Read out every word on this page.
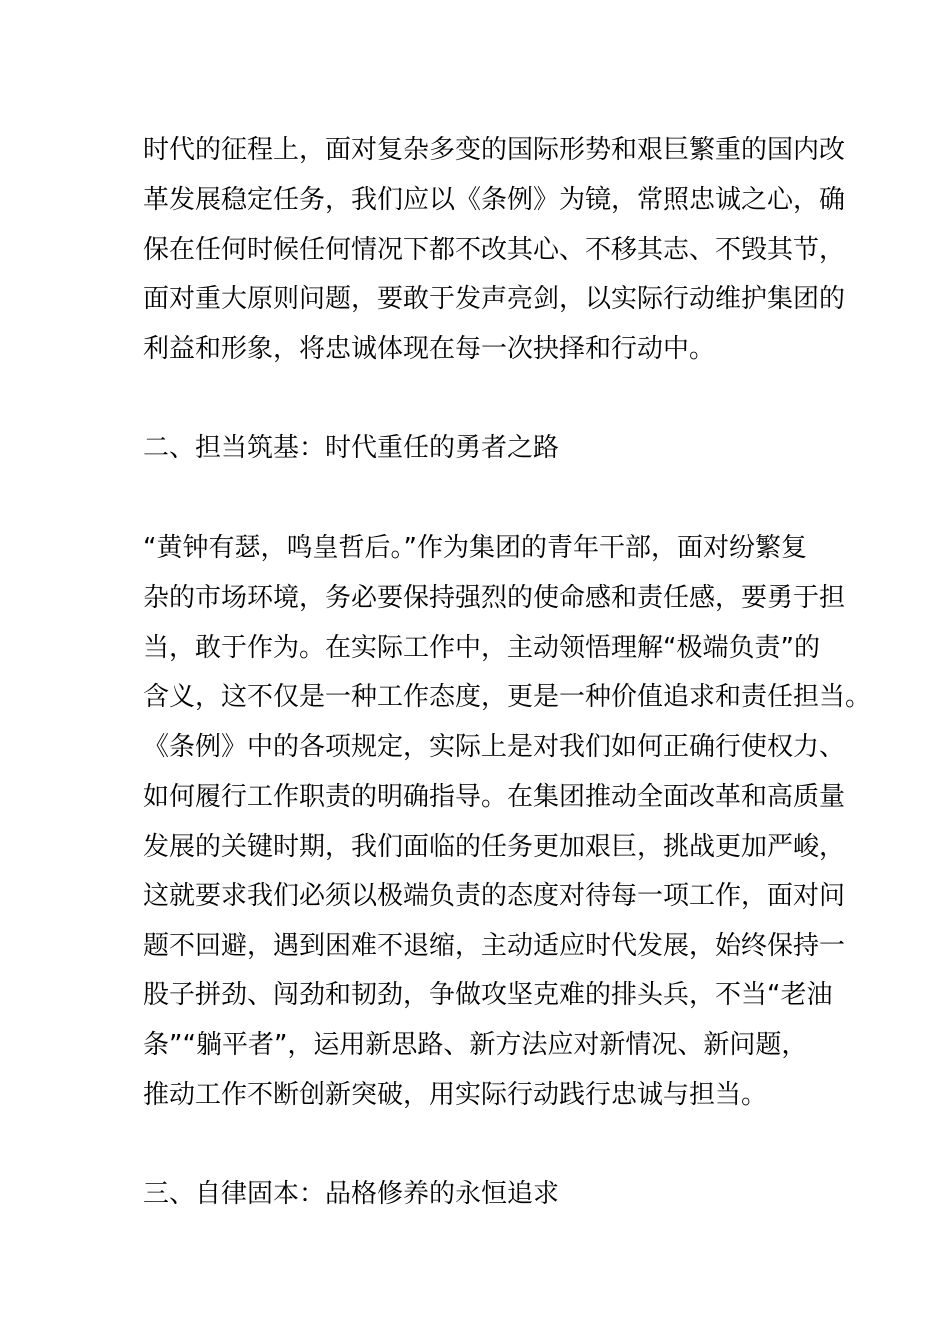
时代的征程上，面对复杂多变的国际形势和艰巨繁重的国内改
革发展稳定任务，我们应以《条例》为镜，常照忠诚之心，确
保在任何时候任何情况下都不改其心、不移其志、不毁其节，
面对重大原则问题，要敢于发声亮剑，以实际行动维护集团的
利益和形象，将忠诚体现在每一次抉择和行动中。
二、担当筑基：时代重任的勇者之路
“黄钟有瑟，鸣皇哲后。”作为集团的青年干部，面对纷繁复
杂的市场环境，务必要保持强烈的使命感和责任感，要勇于担
当，敢于作为。在实际工作中，主动领悟理解“极端负责”的
含义，这不仅是一种工作态度，更是一种价值追求和责任担当。
《条例》中的各项规定，实际上是对我们如何正确行使权力、
如何履行工作职责的明确指导。在集团推动全面改革和高质量
发展的关键时期，我们面临的任务更加艰巨，挑战更加严峻，
这就要求我们必须以极端负责的态度对待每一项工作，面对问
题不回避，遇到困难不退缩，主动适应时代发展，始终保持一
股子拼劲、闯劲和韧劲，争做攻坚克难的排头兵，不当“老油
条”“躺平者”，运用新思路、新方法应对新情况、新问题，
推动工作不断创新突破，用实际行动践行忠诚与担当。
三、自律固本：品格修养的永恒追求
